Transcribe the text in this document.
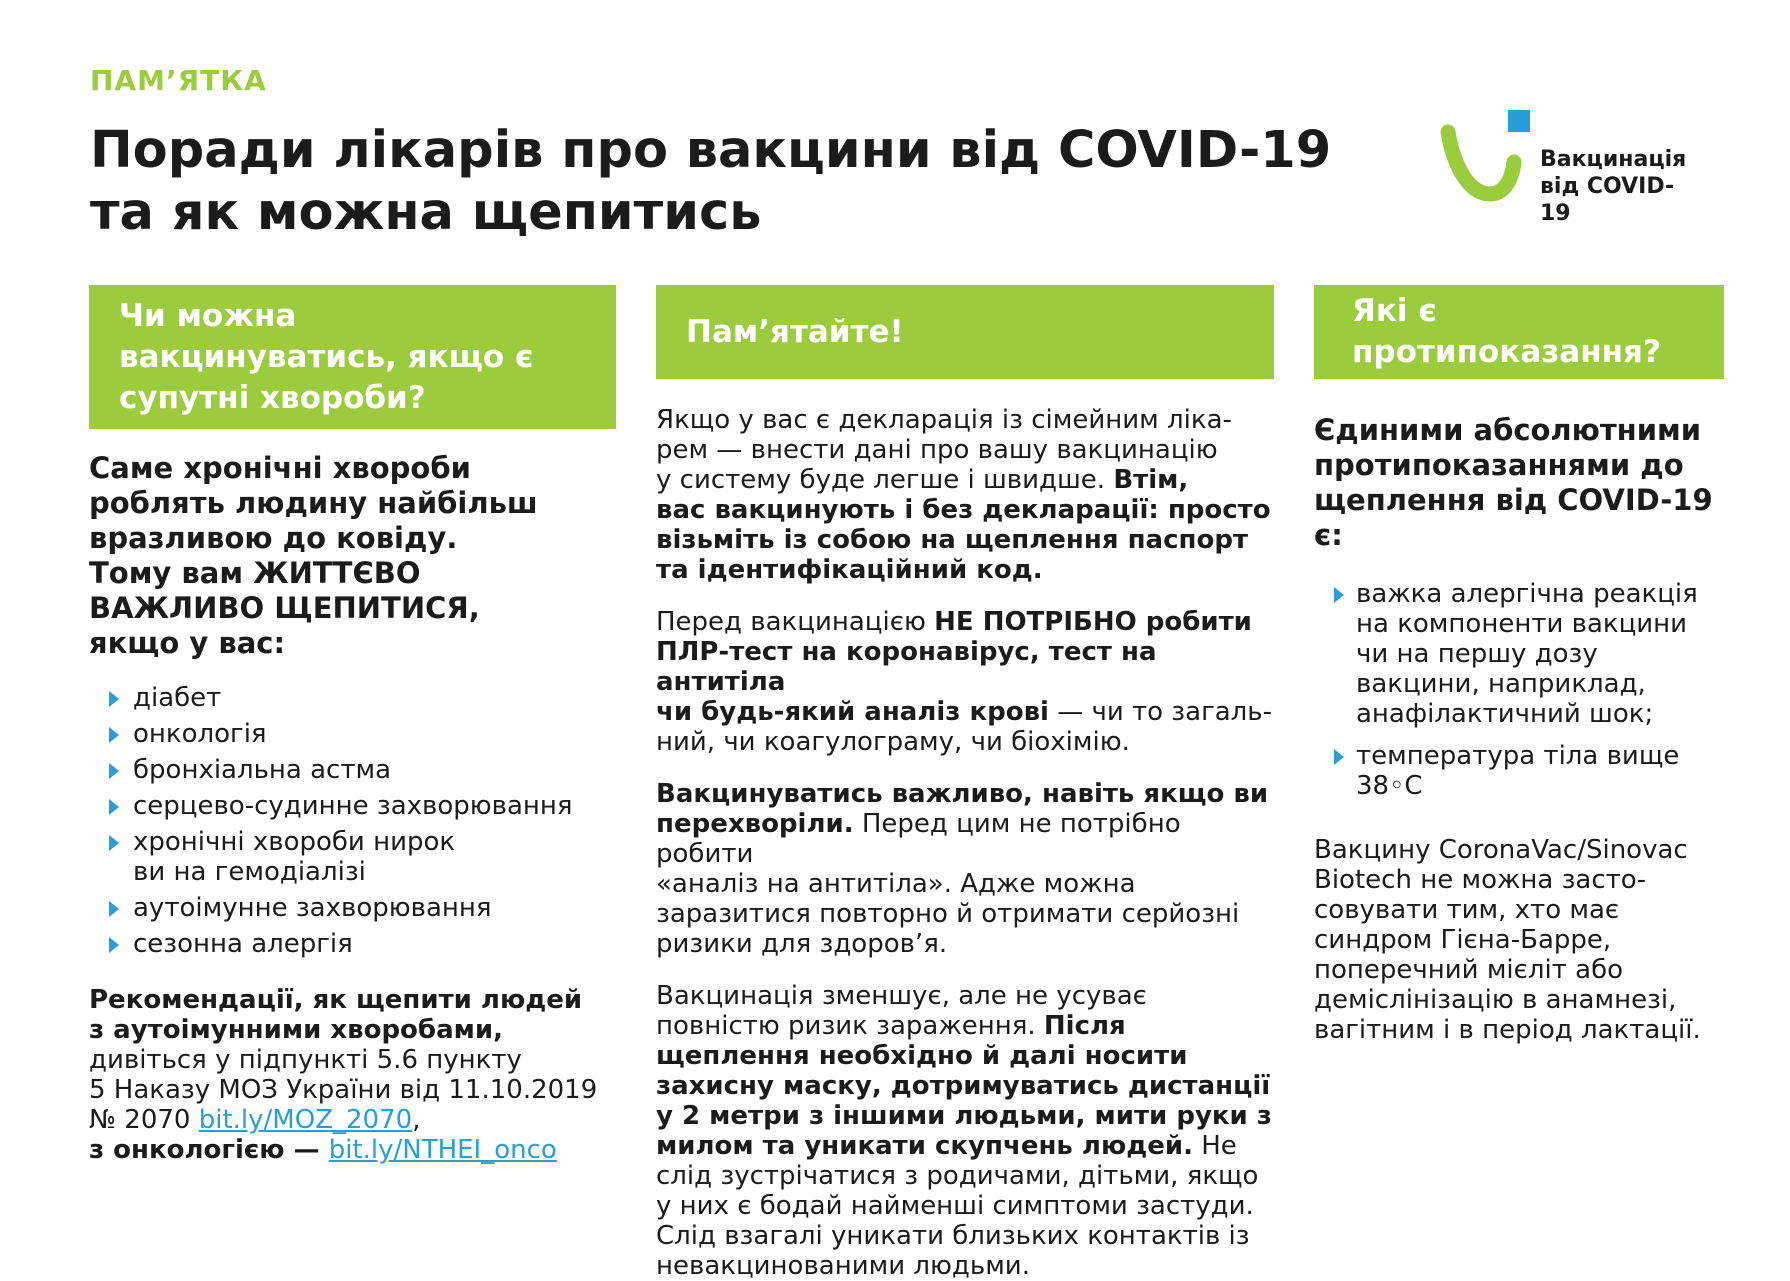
ПАМ’ЯТКА
Поради лікарів про вакцини від COVID-19
та як можна щепитись
Вакцинація
від COVID-19
Чи можна
вакцинуватись, якщо є
супутні хвороби?
Саме хронічні хвороби
роблять людину найбільш
вразливою до ковіду.
Тому вам ЖИТТЄВО
ВАЖЛИВО ЩЕПИТИСЯ,
якщо у вас:
діабет
онкологія
бронхіальна астма
серцево-судинне захворювання
хронічні хвороби нирок
ви на гемодіалізі
аутоімунне захворювання
сезонна алергія
Рекомендації, як щепити людей
з аутоімунними хворобами,
дивіться у підпункті 5.6 пункту
5 Наказу МОЗ України від 11.10.2019
№ 2070 bit.ly/MOZ_2070,
з онкологією — bit.ly/NTHEI_onco
Пам’ятайте!

Якщо у вас є декларація із сімейним ліка-
рем — внести дані про вашу вакцинацію
у систему буде легше і швидше. Втім,
вас вакцинують і без декларації: просто
візьміть із собою на щеплення паспорт
та ідентифікаційний код.

Перед вакцинацією НЕ ПОТРІБНО робити
ПЛР-тест на коронавірус, тест на антитіла
чи будь-який аналіз крові — чи то загаль-
ний, чи коагулограму, чи біохімію.

Вакцинуватись важливо, навіть якщо ви
перехворіли. Перед цим не потрібно робити
«аналіз на антитіла». Адже можна заразитися повторно й отримати серйозні ризики для здоров’я.

Вакцинація зменшує, але не усуває повністю ризик зараження. Після щеплення необхідно й далі носити захисну маску, дотримуватись дистанції у 2 метри з іншими людьми, мити руки з милом та уникати скупчень людей. Не слід зустрічатися з родичами, дітьми, якщо у них є бодай найменші симптоми застуди. Слід взагалі уникати близьких контактів із невакцинованими людьми.

Які є
протипоказання?
Єдиними абсолютними
протипоказаннями до
щеплення від COVID-19
є:
важка алергічна реакція на компоненти вакцини чи на першу дозу вакцини, наприклад, анафілактичний шок;
температура тіла вище 38◦С

Вакцину CoronaVac/Sinovac Biotech не можна застосовувати тим, хто має синдром Гієна-Барре, поперечний мієліт або деміслінізацію в анамнезі, вагітним і в період лактації.
